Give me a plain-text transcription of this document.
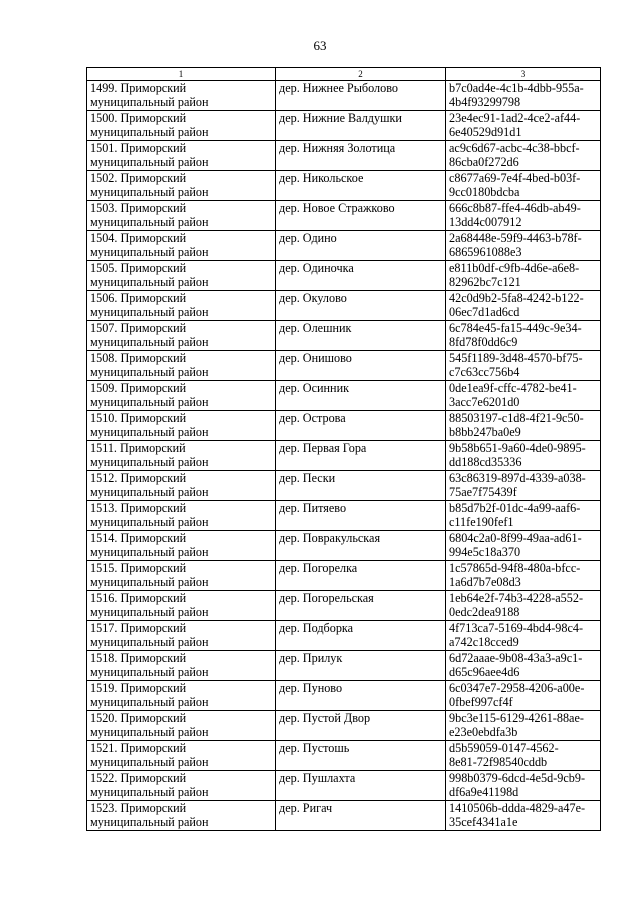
63
1	2	3

1499. Приморский
муниципальный район	дер. Нижнее Рыболово	b7c0ad4e-4c1b-4dbb-955a-
4b4f93299798

1500. Приморский
муниципальный район	дер. Нижние Валдушки	23e4ec91-1ad2-4ce2-af44-
6e40529d91d1

1501. Приморский
муниципальный район	дер. Нижняя Золотица	ac9c6d67-acbc-4c38-bbcf-
86cba0f272d6

1502. Приморский
муниципальный район	дер. Никольское	c8677a69-7e4f-4bed-b03f-
9cc0180bdcba

1503. Приморский
муниципальный район	дер. Новое Стражково	666c8b87-ffe4-46db-ab49-
13dd4c007912

1504. Приморский
муниципальный район	дер. Одино	2a68448e-59f9-4463-b78f-
6865961088e3

1505. Приморский
муниципальный район	дер. Одиночка	e811b0df-c9fb-4d6e-a6e8-
82962bc7c121

1506. Приморский
муниципальный район	дер. Окулово	42c0d9b2-5fa8-4242-b122-
06ec7d1ad6cd

1507. Приморский
муниципальный район	дер. Олешник	6c784e45-fa15-449c-9e34-
8fd78f0dd6c9

1508. Приморский
муниципальный район	дер. Онишово	545f1189-3d48-4570-bf75-
c7c63cc756b4

1509. Приморский
муниципальный район	дер. Осинник	0de1ea9f-cffc-4782-be41-
3acc7e6201d0

1510. Приморский
муниципальный район	дер. Острова	88503197-c1d8-4f21-9c50-
b8bb247ba0e9

1511. Приморский
муниципальный район	дер. Первая Гора	9b58b651-9a60-4de0-9895-
dd188cd35336

1512. Приморский
муниципальный район	дер. Пески	63c86319-897d-4339-a038-
75ae7f75439f

1513. Приморский
муниципальный район	дер. Питяево	b85d7b2f-01dc-4a99-aaf6-
c11fe190fef1

1514. Приморский
муниципальный район	дер. Повракульская	6804c2a0-8f99-49aa-ad61-
994e5c18a370

1515. Приморский
муниципальный район	дер. Погорелка	1c57865d-94f8-480a-bfcc-
1a6d7b7e08d3

1516. Приморский
муниципальный район	дер. Погорельская	1eb64e2f-74b3-4228-a552-
0edc2dea9188

1517. Приморский
муниципальный район	дер. Подборка	4f713ca7-5169-4bd4-98c4-
a742c18cced9

1518. Приморский
муниципальный район	дер. Прилук	6d72aaae-9b08-43a3-a9c1-
d65c96aee4d6

1519. Приморский
муниципальный район	дер. Пуново	6c0347e7-2958-4206-a00e-
0fbef997cf4f

1520. Приморский
муниципальный район	дер. Пустой Двор	9bc3e115-6129-4261-88ae-
e23e0ebdfa3b

1521. Приморский
муниципальный район	дер. Пустошь	d5b59059-0147-4562-
8e81-72f98540cddb

1522. Приморский
муниципальный район	дер. Пушлахта	998b0379-6dcd-4e5d-9cb9-
df6a9e41198d

1523. Приморский
муниципальный район	дер. Ригач	1410506b-ddda-4829-a47e-
35cef4341a1e
